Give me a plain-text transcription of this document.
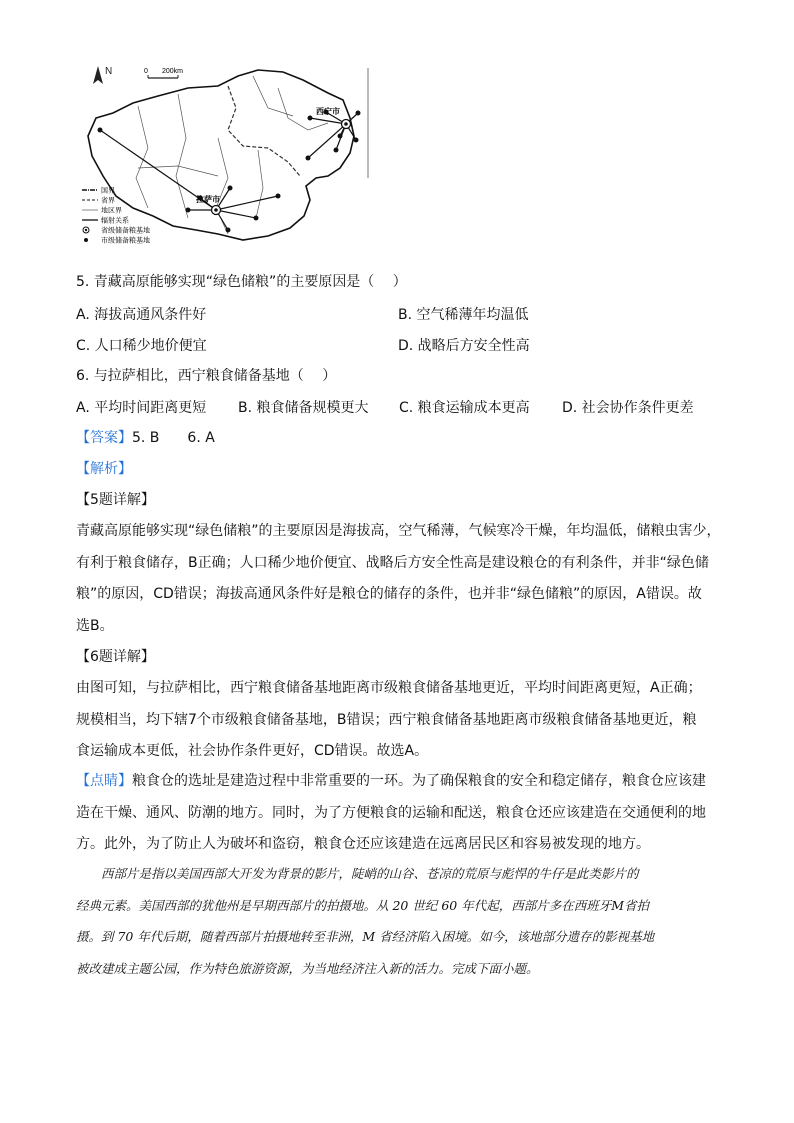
N	0 200km
西宁市
拉萨市
国界
省界
地区界
辐射关系
省级储备粮基地
市级储备粮基地
5. 青藏高原能够实现“绿色储粮”的主要原因是（　 ）
A. 海拔高通风条件好	B. 空气稀薄年均温低
C. 人口稀少地价便宜	D. 战略后方安全性高
6. 与拉萨相比，西宁粮食储备基地（　 ）
A. 平均时间距离更短 B. 粮食储备规模更大 C. 粮食运输成本更高 D. 社会协作条件更差
【答案】5. B　　6. A
【解析】
【5题详解】
青藏高原能够实现“绿色储粮”的主要原因是海拔高，空气稀薄，气候寒冷干燥，年均温低，储粮虫害少，
有利于粮食储存，B正确；人口稀少地价便宜、战略后方安全性高是建设粮仓的有利条件，并非“绿色储
粮”的原因，CD错误；海拔高通风条件好是粮仓的储存的条件，也并非“绿色储粮”的原因，A错误。故
选B。
【6题详解】
由图可知，与拉萨相比，西宁粮食储备基地距离市级粮食储备基地更近，平均时间距离更短，A正确；
规模相当，均下辖7个市级粮食储备基地，B错误；西宁粮食储备基地距离市级粮食储备基地更近，粮
食运输成本更低，社会协作条件更好，CD错误。故选A。
【点睛】粮食仓的选址是建造过程中非常重要的一环。为了确保粮食的安全和稳定储存，粮食仓应该建
造在干燥、通风、防潮的地方。同时，为了方便粮食的运输和配送，粮食仓还应该建造在交通便利的地
方。此外，为了防止人为破坏和盗窃，粮食仓还应该建造在远离居民区和容易被发现的地方。
　　西部片是指以美国西部大开发为背景的影片，陡峭的山谷、苍凉的荒原与彪悍的牛仔是此类影片的
经典元素。美国西部的犹他州是早期西部片的拍摄地。从 20 世纪 60 年代起，西部片多在西班牙M省拍
摄。到 70 年代后期，随着西部片拍摄地转至非洲，M 省经济陷入困境。如今，该地部分遗存的影视基地
被改建成主题公园，作为特色旅游资源，为当地经济注入新的活力。完成下面小题。
